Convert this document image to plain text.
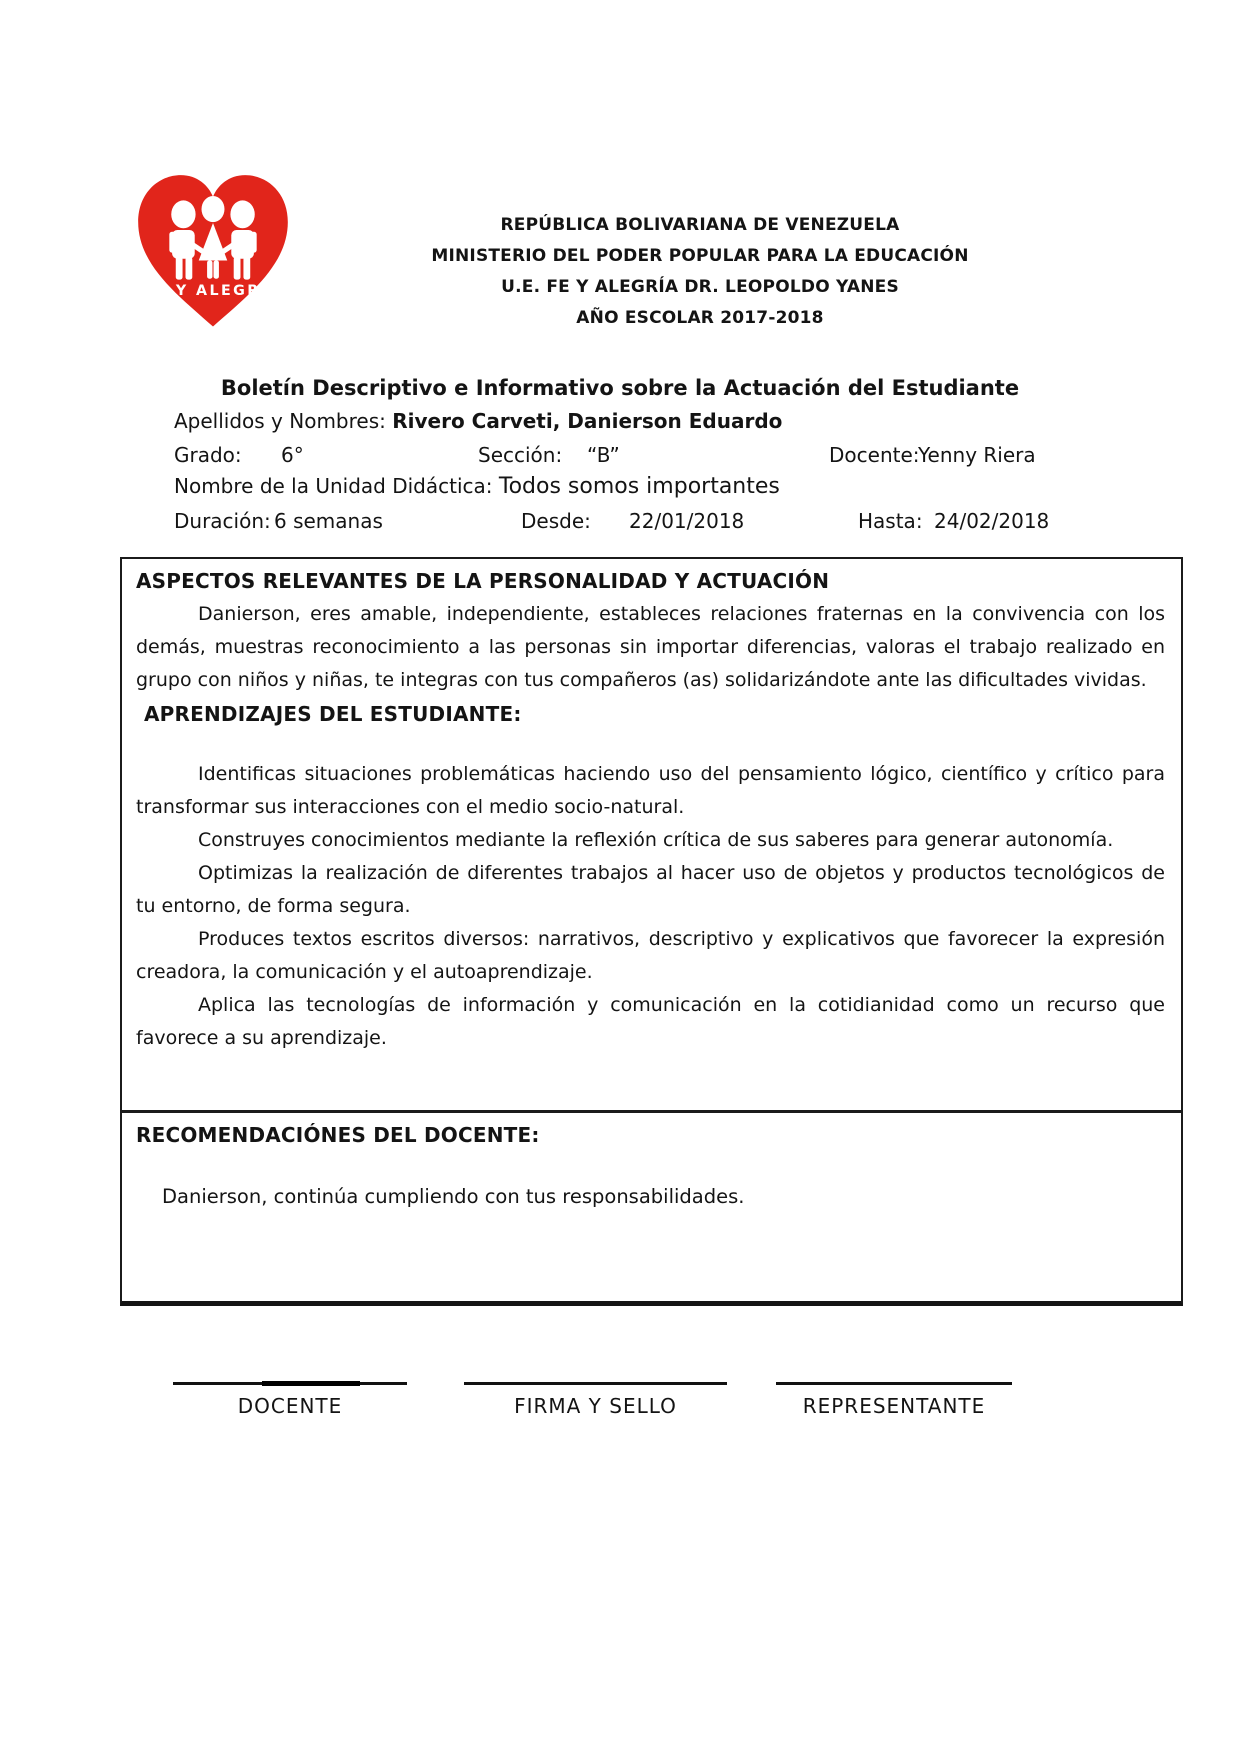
FE Y ALEGRIA
REPÚBLICA BOLIVARIANA DE VENEZUELA
MINISTERIO DEL PODER POPULAR PARA LA EDUCACIÓN
U.E. FE Y ALEGRÍA DR. LEOPOLDO YANES
AÑO ESCOLAR 2017-2018
Boletín Descriptivo e Informativo sobre la Actuación del Estudiante
Apellidos y Nombres: Rivero Carveti, Danierson Eduardo
Grado: 6°	Sección: “B”	Docente:
Yenny Riera
Nombre de la Unidad Didáctica: Todos somos importantes
Duración: 6 semanas	Desde: 22/01/2018	Hasta: 24/02/2018
ASPECTOS RELEVANTES DE LA PERSONALIDAD Y ACTUACIÓN
Danierson, eres amable, independiente, estableces relaciones fraternas en la convivencia con los demás, muestras reconocimiento a las personas sin importar diferencias, valoras el trabajo realizado en grupo con niños y niñas, te integras con tus compañeros (as) solidarizándote ante las dificultades vividas.
APRENDIZAJES DEL ESTUDIANTE:
Identificas situaciones problemáticas haciendo uso del pensamiento lógico, científico y crítico para transformar sus interacciones con el medio socio-natural.
Construyes conocimientos mediante la reflexión crítica de sus saberes para generar autonomía.
Optimizas la realización de diferentes trabajos al hacer uso de objetos y productos tecnológicos de tu entorno, de forma segura.
Produces textos escritos diversos: narrativos, descriptivo y explicativos que favorecer la expresión creadora, la comunicación y el autoaprendizaje.
Aplica las tecnologías de información y comunicación en la cotidianidad como un recurso que favorece a su aprendizaje.
RECOMENDACIÓNES DEL DOCENTE:
Danierson, continúa cumpliendo con tus responsabilidades.
DOCENTE	FIRMA Y SELLO	REPRESENTANTE
